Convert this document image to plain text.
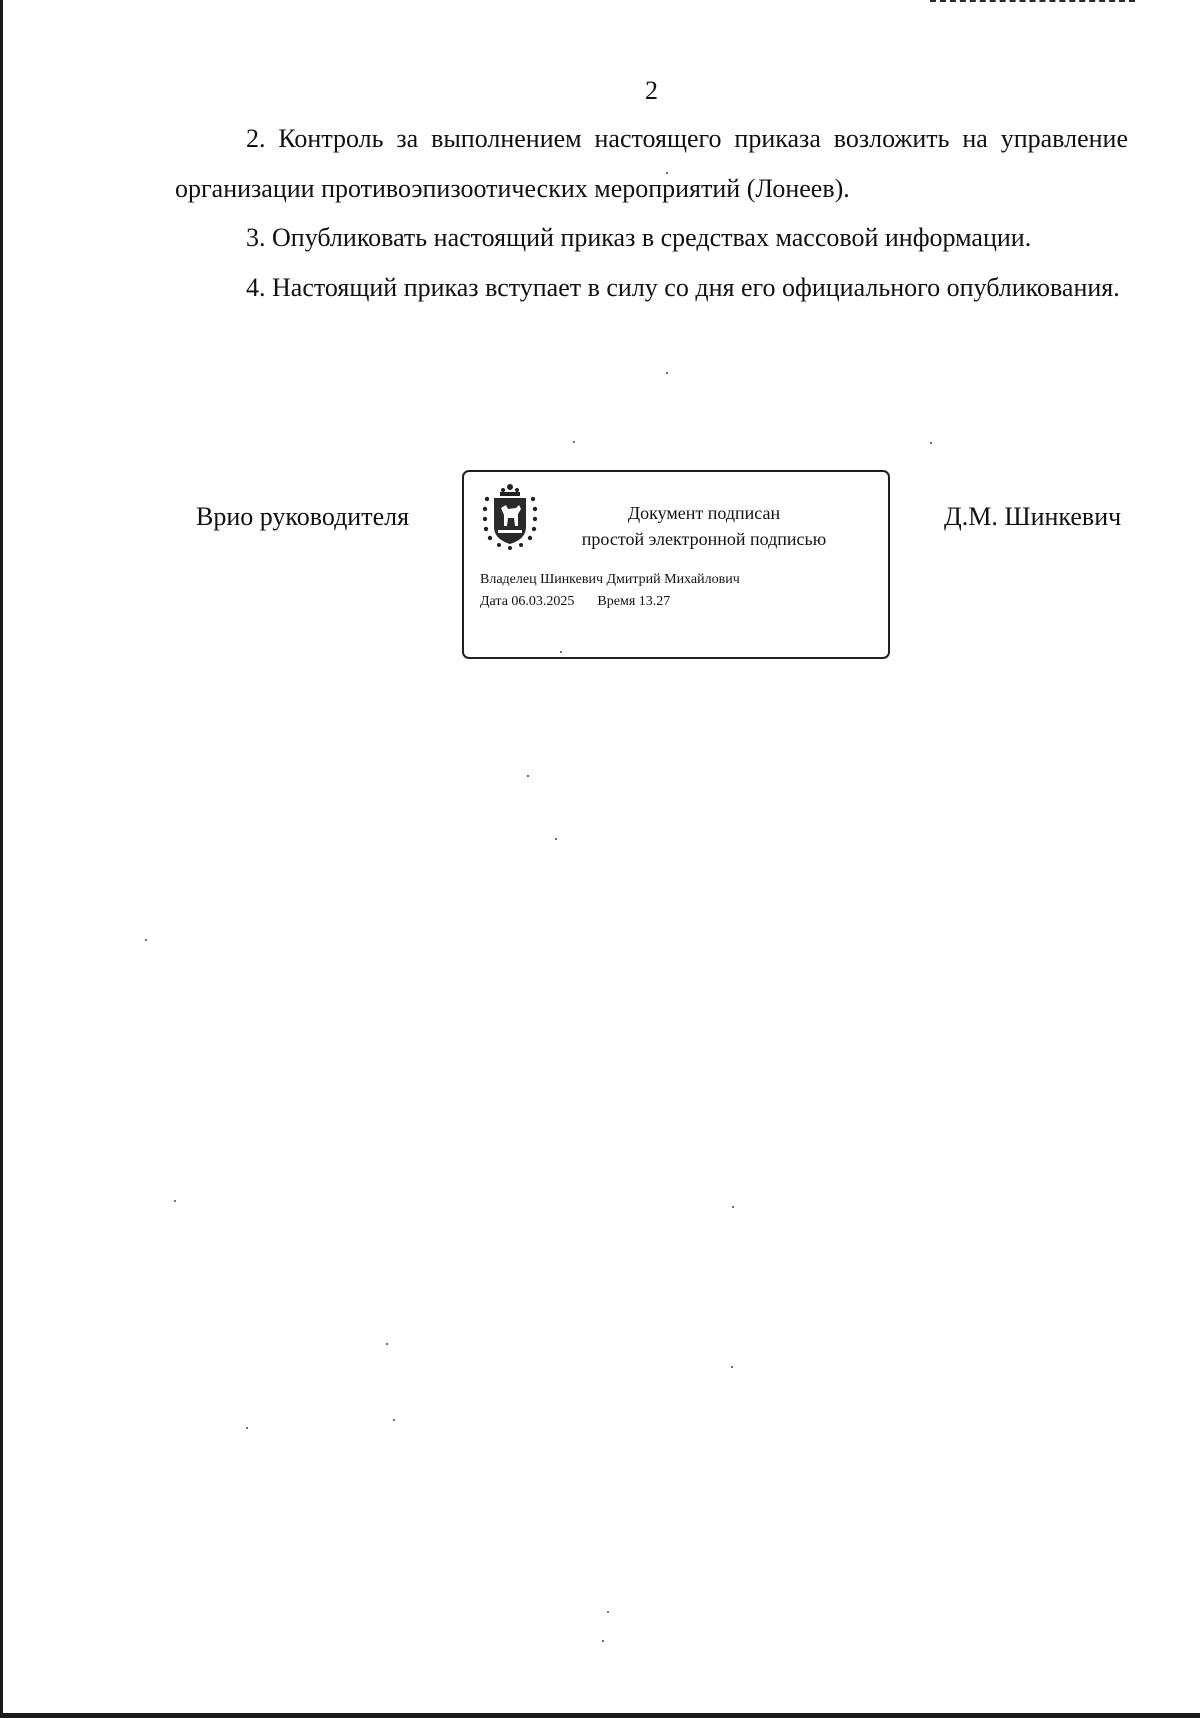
2

2. Контроль за выполнением настоящего приказа возложить на управление организации противоэпизоотических мероприятий (Лонеев).

3. Опубликовать настоящий приказ в средствах массовой информации.

4. Настоящий приказ вступает в силу со дня его официального опубликования.

Врио руководителя	Документ подписан
простой электронной подписью
Владелец Шинкевич Дмитрий Михайлович
Дата 06.03.2025 Время 13.27
Д.М. Шинкевич
